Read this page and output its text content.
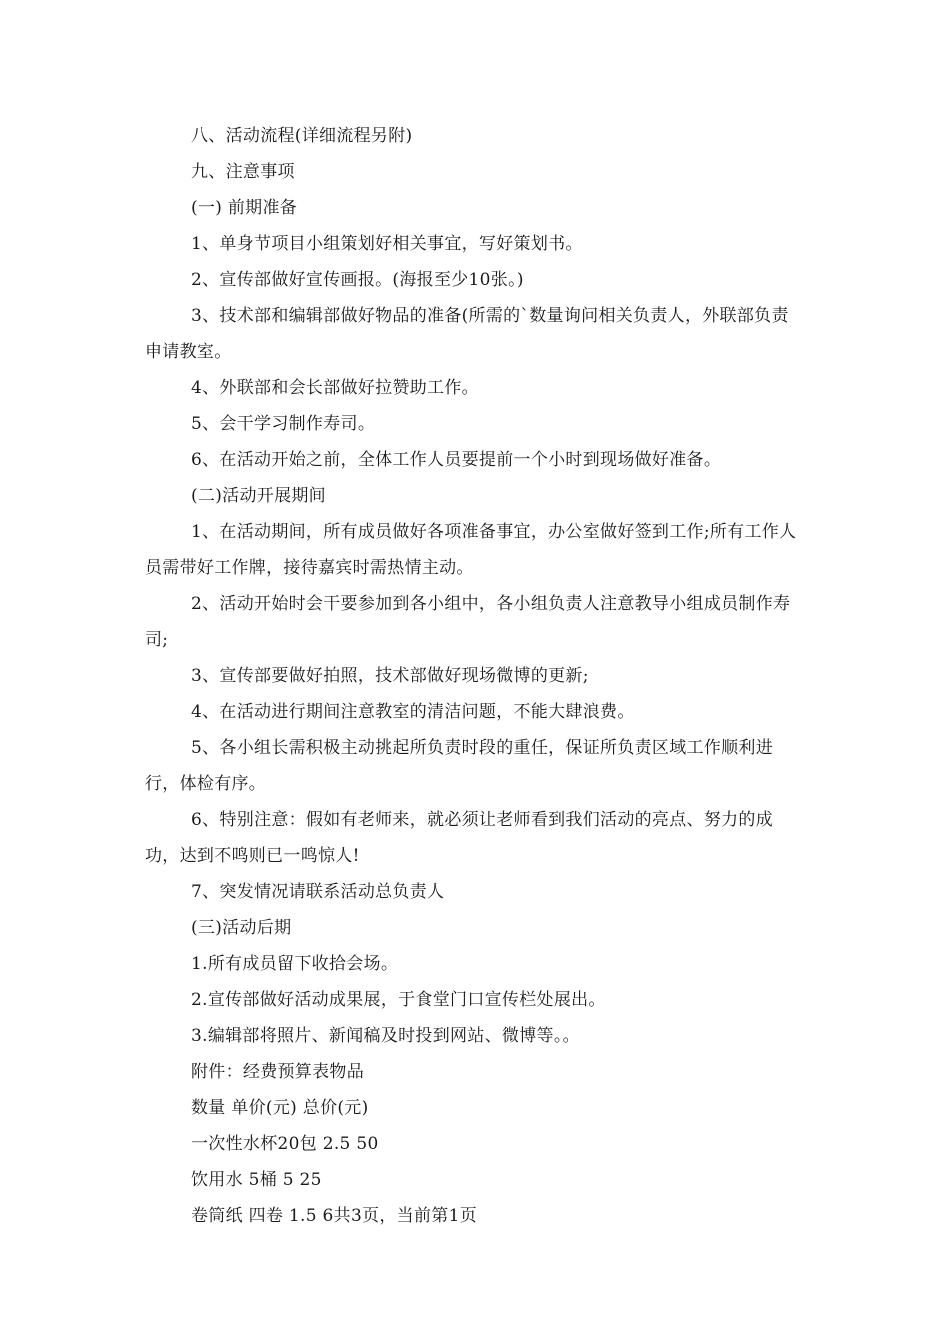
八、活动流程(详细流程另附)

九、注意事项

(一) 前期准备

1、单身节项目小组策划好相关事宜，写好策划书。

2、宣传部做好宣传画报。(海报至少10张。)

3、技术部和编辑部做好物品的准备(所需的`数量询问相关负责人，外联部负责申请教室。

4、外联部和会长部做好拉赞助工作。

5、会干学习制作寿司。

6、在活动开始之前，全体工作人员要提前一个小时到现场做好准备。

(二)活动开展期间

1、在活动期间，所有成员做好各项准备事宜，办公室做好签到工作;所有工作人员需带好工作牌，接待嘉宾时需热情主动。

2、活动开始时会干要参加到各小组中，各小组负责人注意教导小组成员制作寿司;

3、宣传部要做好拍照，技术部做好现场微博的更新;

4、在活动进行期间注意教室的清洁问题，不能大肆浪费。

5、各小组长需积极主动挑起所负责时段的重任，保证所负责区域工作顺利进行，体检有序。

6、特别注意：假如有老师来，就必须让老师看到我们活动的亮点、努力的成功，达到不鸣则已一鸣惊人!

7、突发情况请联系活动总负责人

(三)活动后期

1.所有成员留下收拾会场。

2.宣传部做好活动成果展，于食堂门口宣传栏处展出。

3.编辑部将照片、新闻稿及时投到网站、微博等。。

附件：经费预算表物品

数量 单价(元) 总价(元)

一次性水杯20包 2.5 50

饮用水 5桶 5 25

卷筒纸 四卷 1.5 6共3页，当前第1页
